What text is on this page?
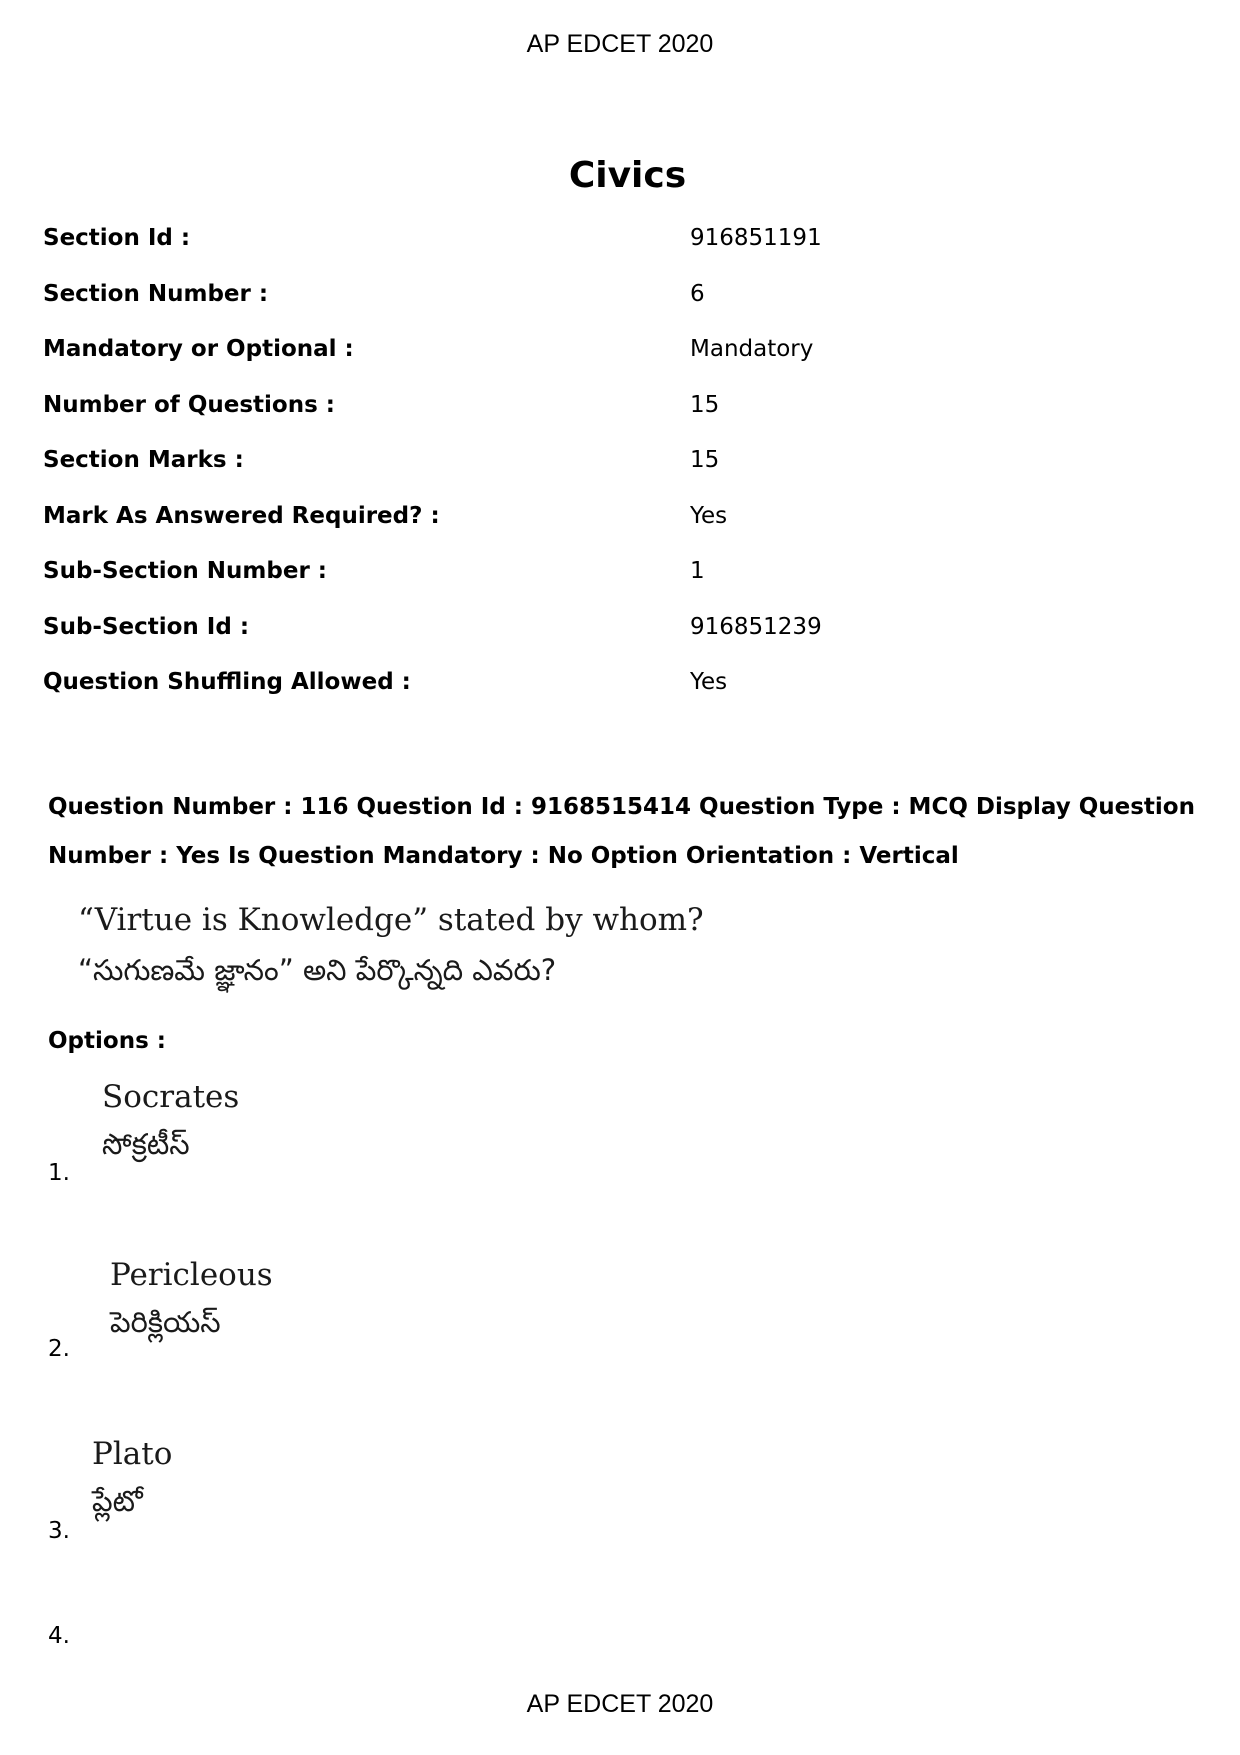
AP EDCET 2020
Civics
Section Id :	916851191
Section Number :	6
Mandatory or Optional :	Mandatory
Number of Questions :	15
Section Marks :	15
Mark As Answered Required? :	Yes
Sub-Section Number :	1
Sub-Section Id :	916851239
Question Shuffling Allowed :	Yes
Question Number : 116 Question Id : 9168515414 Question Type : MCQ Display Question
Number : Yes Is Question Mandatory : No Option Orientation : Vertical
“Virtue is Knowledge” stated by whom?
“సుగుణమే జ్ఞానం” అని పేర్కొన్నది ఎవరు?
Options :
Socrates
సోక్రటీస్
1.
Pericleous
పెరిక్లియస్
2.
Plato
ప్లేటో
3.
4.
AP EDCET 2020
